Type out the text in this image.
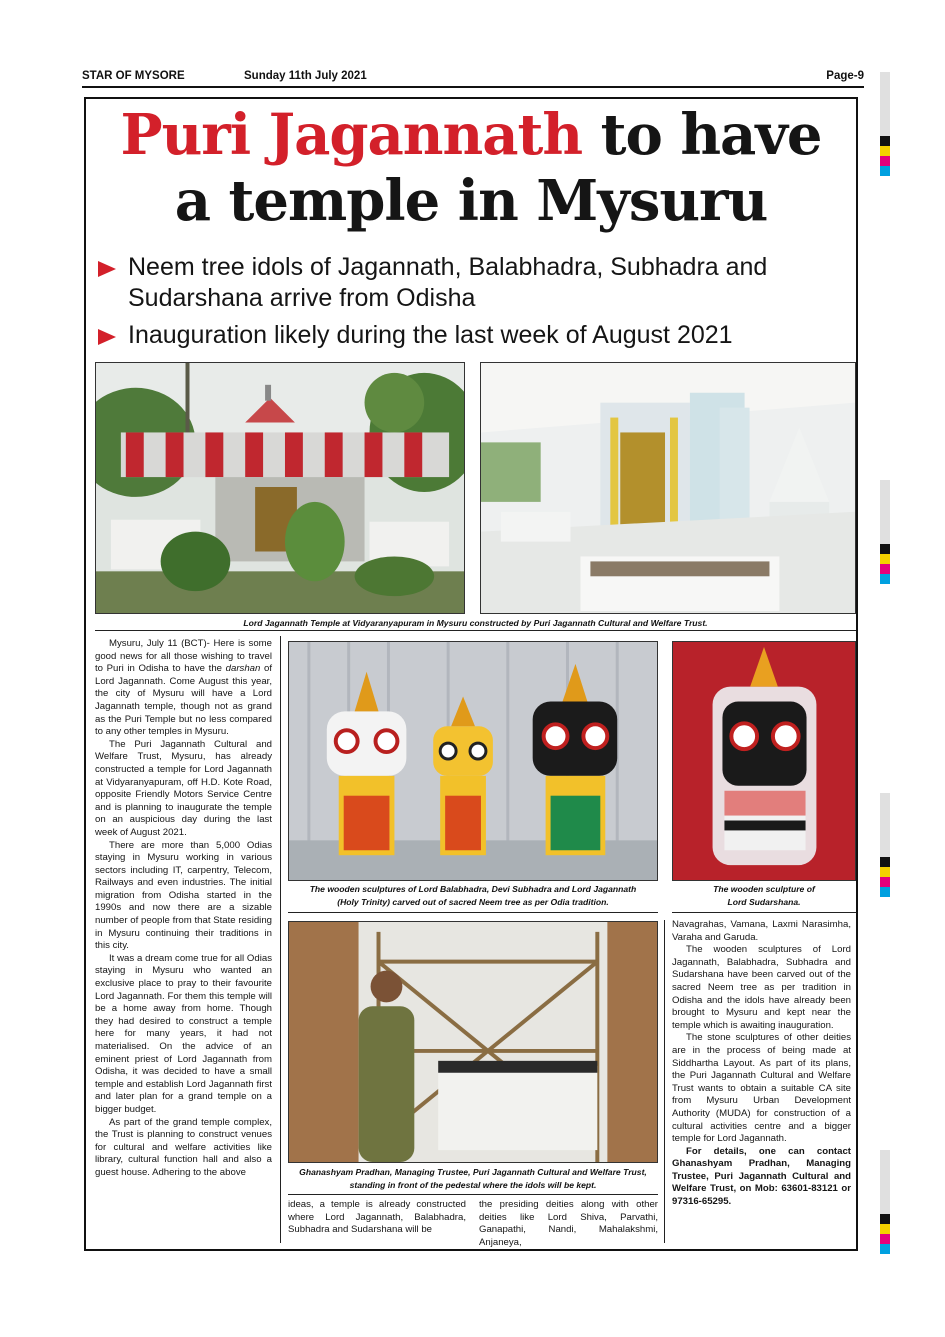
STAR OF MYSORE	Sunday 11th July 2021	Page-9
Puri Jagannath to have
a temple in Mysuru
Neem tree idols of Jagannath, Balabhadra, Subhadra and Sudarshana arrive from Odisha
Inauguration likely during the last week of August 2021
Lord Jagannath Temple at Vidyaranyapuram in Mysuru constructed by Puri Jagannath Cultural and Welfare Trust.
The wooden sculptures of Lord Balabhadra, Devi Subhadra and Lord Jagannath
(Holy Trinity) carved out of sacred Neem tree as per Odia tradition.
The wooden sculpture of
Lord Sudarshana.
Ghanashyam Pradhan, Managing Trustee, Puri Jagannath Cultural and Welfare Trust,
standing in front of the pedestal where the idols will be kept.

Mysuru, July 11 (BCT)- Here is some good news for all those wishing to travel to Puri in Odisha to have the darshan of Lord Jagannath. Come August this year, the city of Mysuru will have a Lord Jagannath temple, though not as grand as the Puri Temple but no less compared to any other temples in Mysuru.

The Puri Jagannath Cultural and Welfare Trust, Mysuru, has already constructed a temple for Lord Jagannath at Vidyaranyapuram, off H.D. Kote Road, opposite Friendly Motors Service Centre and is planning to inaugurate the temple on an auspicious day during the last week of August 2021.

There are more than 5,000 Odias staying in Mysuru working in various sectors including IT, carpentry, Telecom, Railways and even industries. The initial migration from Odisha started in the 1990s and now there are a sizable number of people from that State residing in Mysuru continuing their traditions in this city.

It was a dream come true for all Odias staying in Mysuru who wanted an exclusive place to pray to their favourite Lord Jagannath. For them this temple will be a home away from home. Though they had desired to construct a temple here for many years, it had not materialised. On the advice of an eminent priest of Lord Jagannath from Odisha, it was decided to have a small temple and establish Lord Jagannath first and later plan for a grand temple on a bigger budget.

As part of the grand temple complex, the Trust is planning to construct venues for cultural and welfare activities like library, cultural function hall and also a guest house. Adhering to the above

ideas, a temple is already constructed where Lord Jagannath, Balabhadra, Subhadra and Sudarshana will be

the presiding deities along with other deities like Lord Shiva, Parvathi, Ganapathi, Nandi, Mahalakshmi, Anjaneya,

Navagrahas, Vamana, Laxmi Narasimha, Varaha and Garuda.

The wooden sculptures of Lord Jagannath, Balabhadra, Subhadra and Sudarshana have been carved out of the sacred Neem tree as per tradition in Odisha and the idols have already been brought to Mysuru and kept near the temple which is awaiting inauguration.

The stone sculptures of other deities are in the process of being made at Siddhartha Layout. As part of its plans, the Puri Jagannath Cultural and Welfare Trust wants to obtain a suitable CA site from Mysuru Urban Development Authority (MUDA) for construction of a cultural activities centre and a bigger temple for Lord Jagannath.

For details, one can contact Ghanashyam Pradhan, Managing Trustee, Puri Jagannath Cultural and Welfare Trust, on Mob: 63601-83121 or 97316-65295.
